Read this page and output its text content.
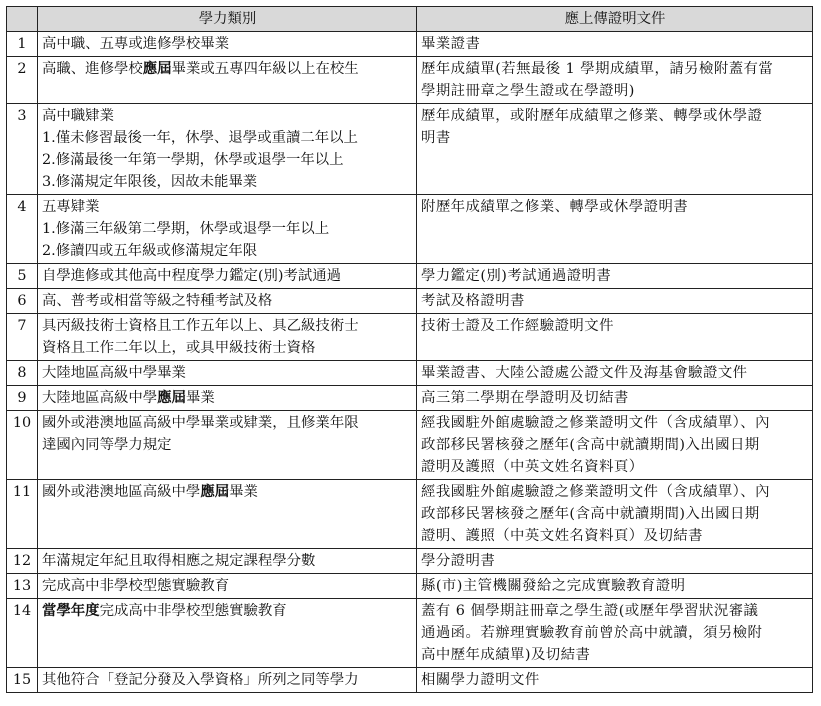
	學力類別	應上傳證明文件
1	高中職、五專或進修學校畢業	畢業證書

2	高職、進修學校應屆畢業或五專四年級以上在校生	歷年成績單(若無最後 1 學期成績單，請另檢附蓋有當
學期註冊章之學生證或在學證明)

3	高中職肄業
1.僅未修習最後一年，休學、退學或重讀二年以上
2.修滿最後一年第一學期，休學或退學一年以上
3.修滿規定年限後，因故未能畢業	歷年成績單，或附歷年成績單之修業、轉學或休學證
明書

4	五專肄業
1.修滿三年級第二學期，休學或退學一年以上
2.修讀四或五年級或修滿規定年限	附歷年成績單之修業、轉學或休學證明書

5	自學進修或其他高中程度學力鑑定(別)考試通過	學力鑑定(別)考試通過證明書

6	高、普考或相當等級之特種考試及格	考試及格證明書

7	具丙級技術士資格且工作五年以上、具乙級技術士
資格且工作二年以上，或具甲級技術士資格	技術士證及工作經驗證明文件

8	大陸地區高級中學畢業	畢業證書、大陸公證處公證文件及海基會驗證文件

9	大陸地區高級中學應屆畢業	高三第二學期在學證明及切結書

10	國外或港澳地區高級中學畢業或肄業，且修業年限
達國內同等學力規定	經我國駐外館處驗證之修業證明文件（含成績單）、內
政部移民署核發之歷年(含高中就讀期間)入出國日期
證明及護照（中英文姓名資料頁）

11	國外或港澳地區高級中學應屆畢業	經我國駐外館處驗證之修業證明文件（含成績單）、內
政部移民署核發之歷年(含高中就讀期間)入出國日期
證明、護照（中英文姓名資料頁）及切結書

12	年滿規定年紀且取得相應之規定課程學分數	學分證明書

13	完成高中非學校型態實驗教育	縣(市)主管機關發給之完成實驗教育證明

14	當學年度完成高中非學校型態實驗教育	蓋有 6 個學期註冊章之學生證(或歷年學習狀況審議
通過函。若辦理實驗教育前曾於高中就讀，須另檢附
高中歷年成績單)及切結書

15	其他符合「登記分發及入學資格」所列之同等學力	相關學力證明文件
